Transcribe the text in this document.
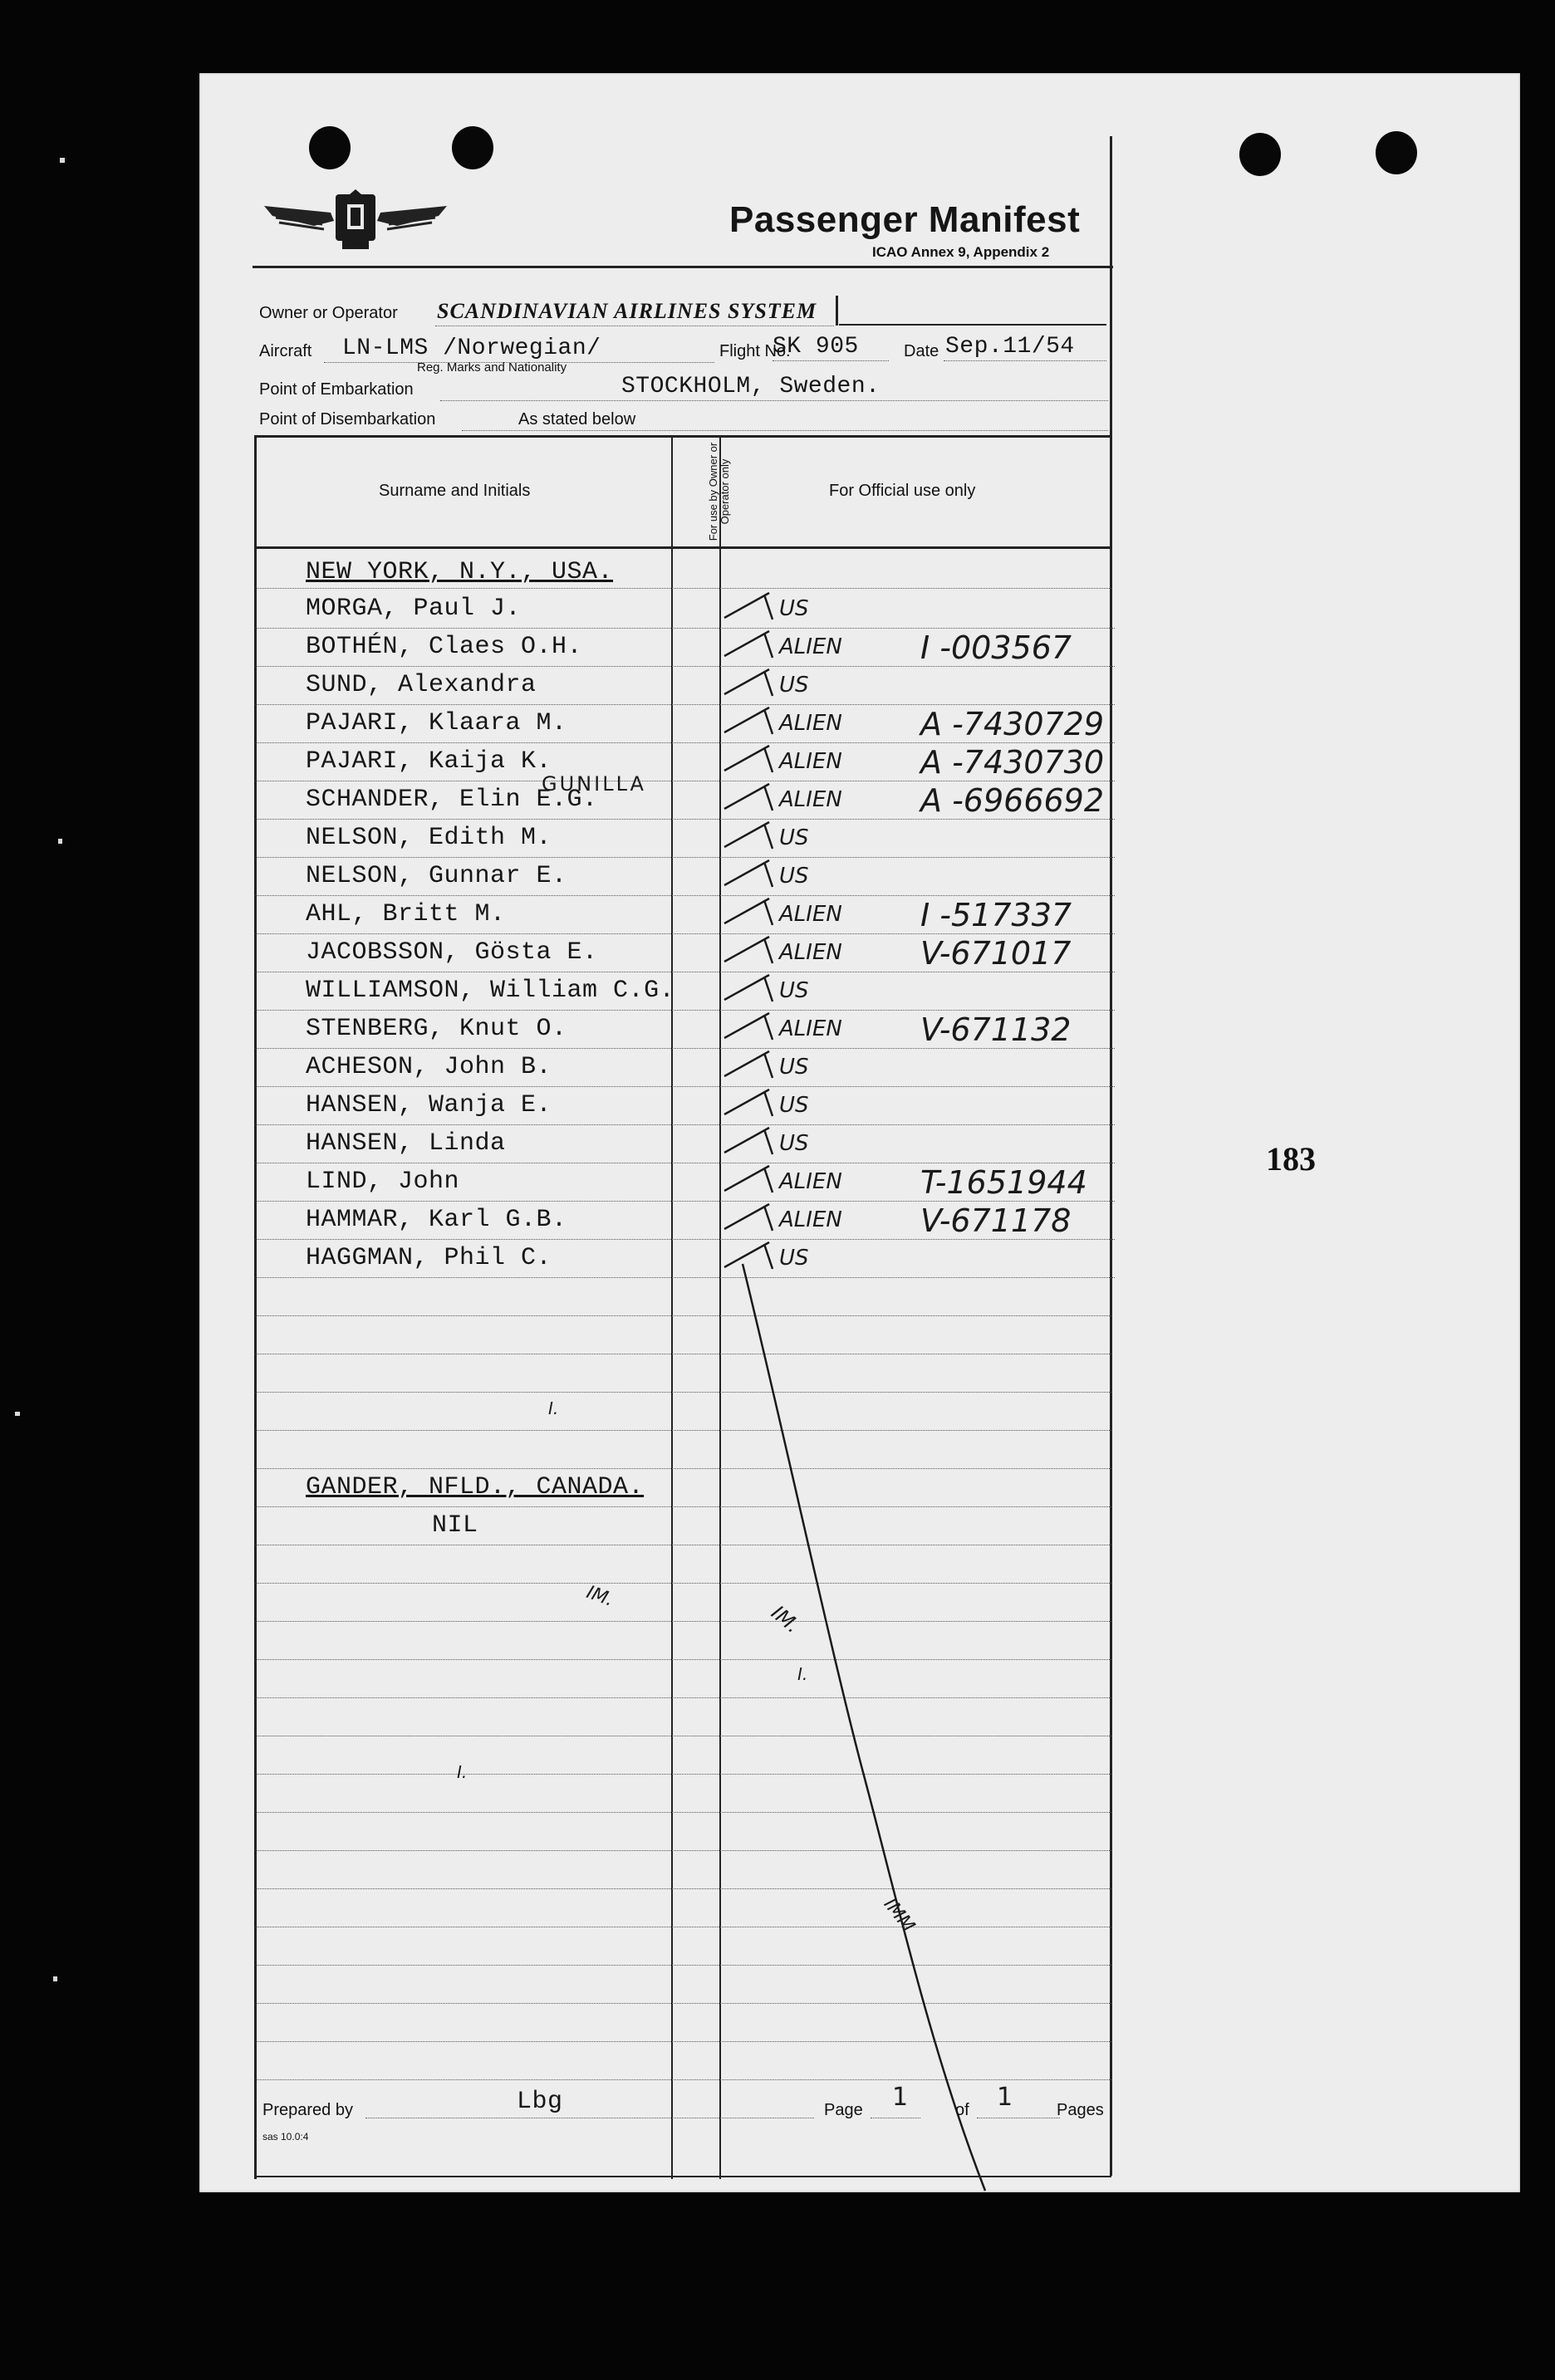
Passenger Manifest
ICAO Annex 9, Appendix 2
Owner or Operator SCANDINAVIAN AIRLINES SYSTEM
Aircraft LN-LMS /Norwegian/
Reg. Marks and Nationality
Flight No.
SK 905	Date Sep.11/54
Point of Embarkation	STOCKHOLM, Sweden.
Point of Disembarkation	As stated below
Surname and Initials	For use by Owner or Operator only	For Official use only
NEW YORK, N.Y., USA.
MORGA, Paul J.	US
BOTHÉN, Claes O.H.	ALIEN I -003567
SUND, Alexandra	US
PAJARI, Klaara M.	ALIEN A -7430729
PAJARI, Kaija K.	ALIEN A -7430730
SCHANDER, Elin E.G.	ALIEN A -6966692
GUNILLA
NELSON, Edith M.	US
NELSON, Gunnar E.	US
AHL, Britt M.	ALIEN I -517337
JACOBSSON, Gösta E.	ALIEN V-671017
WILLIAMSON, William C.G.	US
STENBERG, Knut O.	ALIEN V-671132
ACHESON, John B.	US
HANSEN, Wanja E.	US
HANSEN, Linda	US
LIND, John	ALIEN T-1651944
HAMMAR, Karl G.B.	ALIEN V-671178
HAGGMAN, Phil C.	US
GANDER, NFLD., CANADA.
NIL
I.
IM.
IM.
I.
I.
IMM
Prepared by	Lbg	Page 1	of 1	Pages
sas 10.0:4
183
